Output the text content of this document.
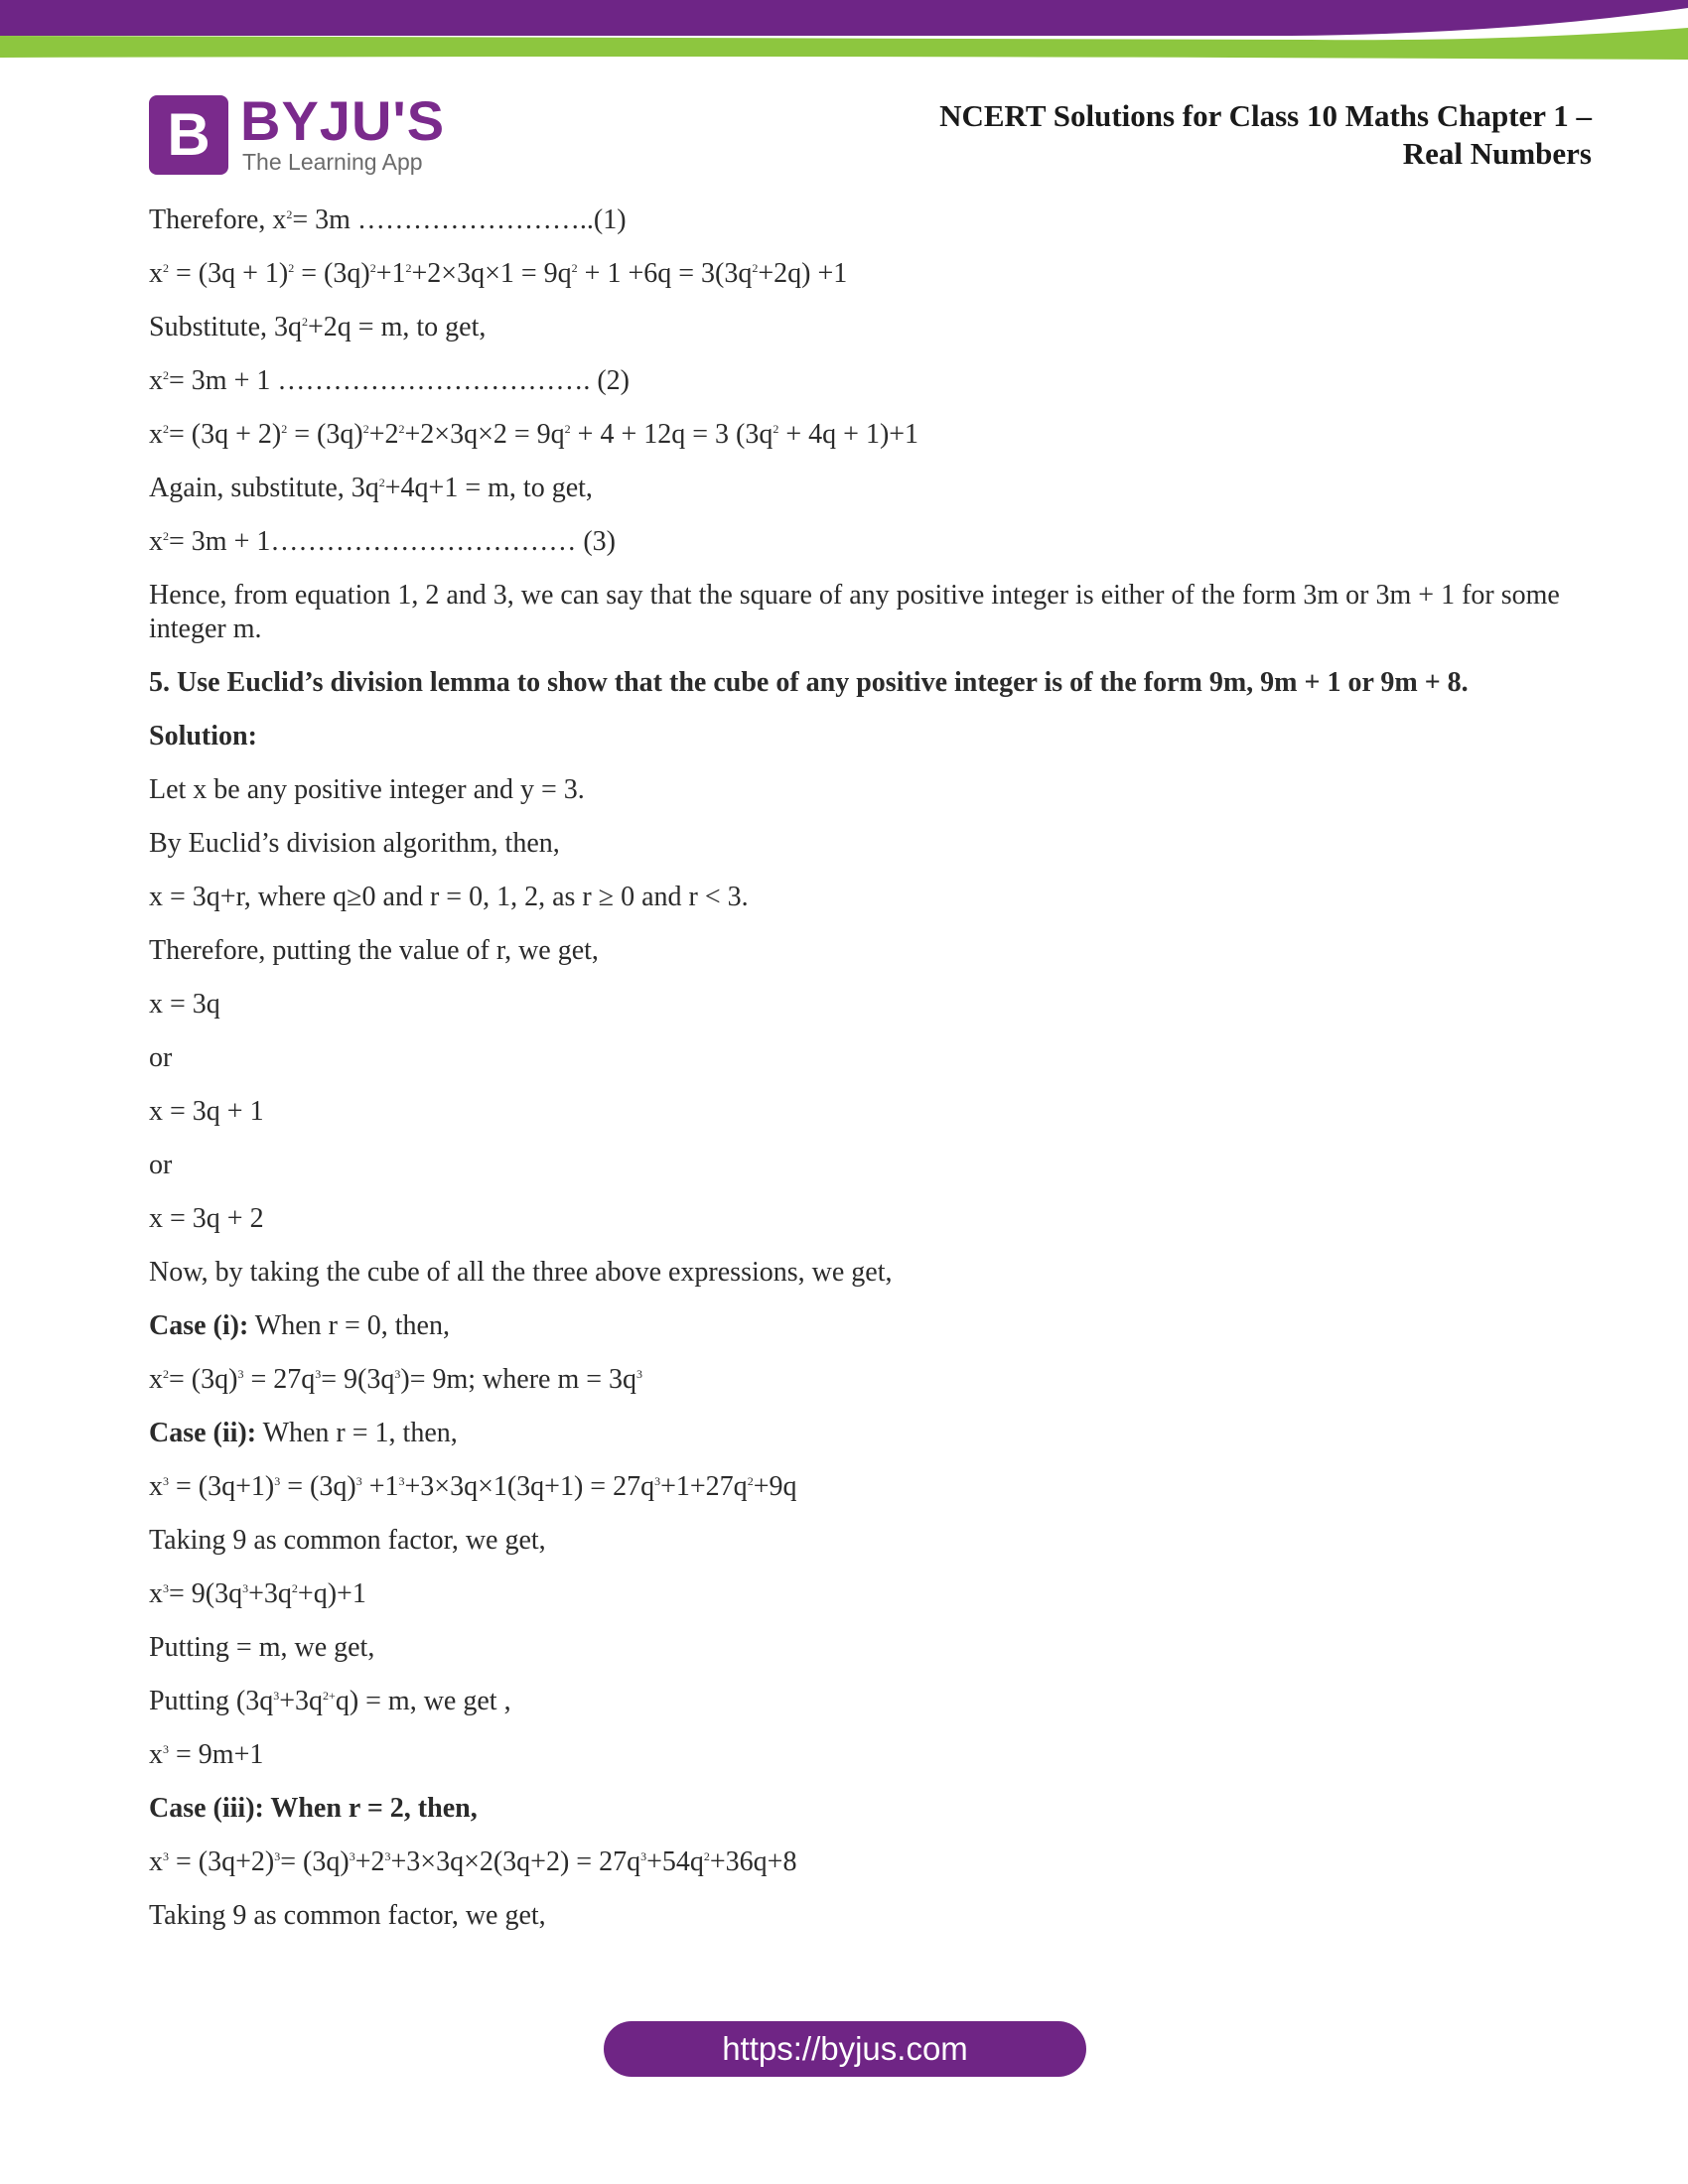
B BYJU'S
The Learning App
NCERT Solutions for Class 10 Maths Chapter 1 –
Real Numbers

Therefore, $x^2= 3m$ ……………………..(1)

$x^2 = (3q + 1)^2 = (3q)^2+1^2+2\times 3q\times 1 = 9q^2 + 1 +6q = 3(3q^2+2q) +1$

Substitute, $3q^2+2q = m$, to get,

$x^2= 3m + 1$ ……………………………. (2)

$x^2= (3q + 2)^2 = (3q)^2+2^2+2\times 3q\times 2 = 9q^2 + 4 + 12q = 3$ $(3q^2 + 4q + 1)+1$

Again, substitute, $3q^2+4q+1 = m$, to get,

$x^2= 3m$ + 1…………………………… (3)

Hence, from equation 1, 2 and 3, we can say that the square of any positive integer is either of the form 3m or 3m + 1 for some integer m.

5. Use Euclid’s division lemma to show that the cube of any positive integer is of the form 9m, 9m + 1 or 9m + 8.

Solution:

Let x be any positive integer and y = 3.

By Euclid’s division algorithm, then,

x = 3q+r, where q≥0 and r = 0, 1, 2, as r ≥ 0 and r < 3.

Therefore, putting the value of r, we get,

x = 3q

or

x = 3q + 1

or

x = 3q + 2

Now, by taking the cube of all the three above expressions, we get,

Case (i): When r = 0, then,

$x^2= (3q)^3 = 27q^3= 9(3q^3)= 9m$; where $m = 3q^3$

Case (ii): When r = 1, then,

$x^3 = (3q+1)^3 = (3q)^3 +1^3+3\times 3q\times 1(3q+1) = 27q^3+1+27q^2+9q$

Taking 9 as common factor, we get,

$x^3= 9(3q^3+3q^2+q)+1$

Putting = m, we get,

Putting $(3q^3+3q^{2+}q) = m$, we get ,

$x^3 = 9m+1$

Case (iii): When r = 2, then,

$x^3 = (3q+2)^3= (3q)^3+2^3+3\times 3q\times 2(3q+2) = 27q^3+54q^2+36q+8$

Taking 9 as common factor, we get,

https://byjus.com
